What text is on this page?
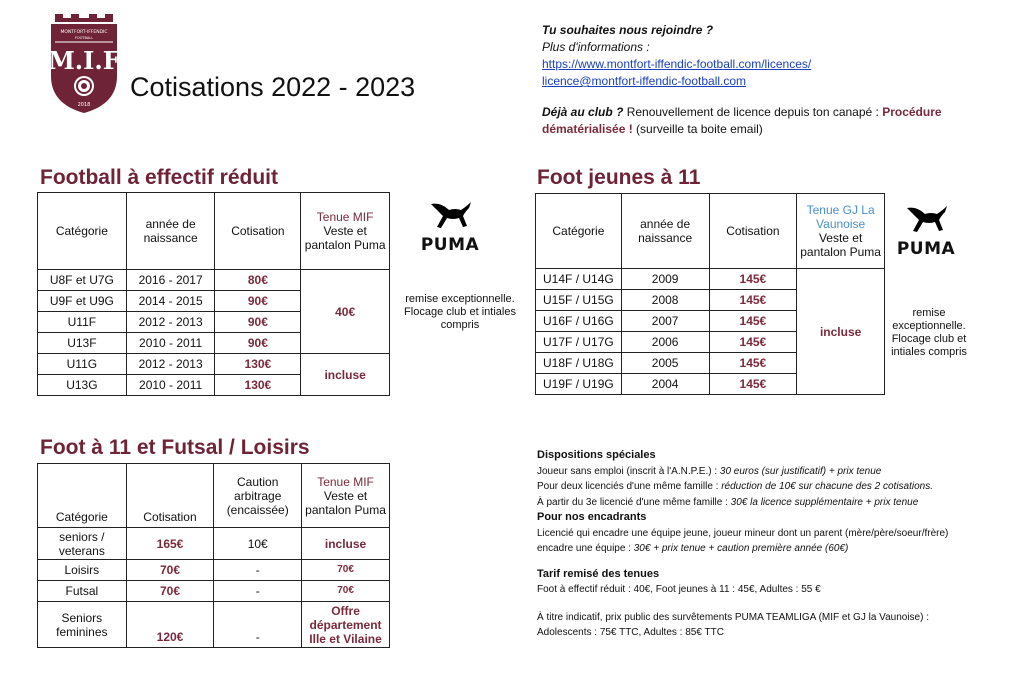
MONTFORT-IFFENDIC
FOOTBALL
M.I.F
2018
Cotisations 2022 - 2023
Tu souhaites nous rejoindre ?
Plus d'informations :
https://www.montfort-iffendic-football.com/licences/
licence@montfort-iffendic-football.com
Déjà au club ? Renouvellement de licence depuis ton canapé : Procédure dématérialisée ! (surveille ta boite email)
Football à effectif réduit
Catégorie	année de naissance	Cotisation	Tenue MIF
Veste et pantalon Puma
U8F et U7G	2016 - 2017	80€	40€
U9F et U9G	2014 - 2015	90€	
U11F	2012 - 2013	90€	
U13F	2010 - 2011	90€	
U11G	2012 - 2013	130€	incluse
U13G	2010 - 2011	130€	
PUMA
remise exceptionnelle. Flocage club et intiales compris
Foot jeunes à 11
Catégorie	année de naissance	Cotisation	Tenue GJ La Vaunoise
Veste et pantalon Puma
U14F / U14G	2009	145€	incluse
U15F / U15G	2008	145€	
U16F / U16G	2007	145€	
U17F / U17G	2006	145€	
U18F / U18G	2005	145€	
U19F / U19G	2004	145€	
PUMA
remise exceptionnelle. Flocage club et intiales compris
Foot à 11 et Futsal / Loisirs
Catégorie	Cotisation	Caution arbitrage (encaissée)	Tenue MIF
Veste et pantalon Puma
seniors / veterans	165€	10€	incluse
Loisirs	70€	-	70€
Futsal	70€	-	70€
Seniors feminines	120€	-	Offre département Ille et Vilaine
Dispositions spéciales
Joueur sans emploi (inscrit à l'A.N.P.E.) : 30 euros (sur justificatif) + prix tenue
Pour deux licenciés d'une même famille : réduction de 10€ sur chacune des 2 cotisations.
À partir du 3e licencié d'une même famille : 30€ la licence supplémentaire + prix tenue
Pour nos encadrants
Licencié qui encadre une équipe jeune, joueur mineur dont un parent (mère/père/soeur/frère)
encadre une équipe : 30€ + prix tenue + caution première année (60€)
Tarif remisé des tenues
Foot à effectif réduit : 40€, Foot jeunes à 11 : 45€, Adultes : 55 €
À titre indicatif, prix public des survêtements PUMA TEAMLIGA (MIF et GJ la Vaunoise) :
Adolescents : 75€ TTC, Adultes : 85€ TTC
